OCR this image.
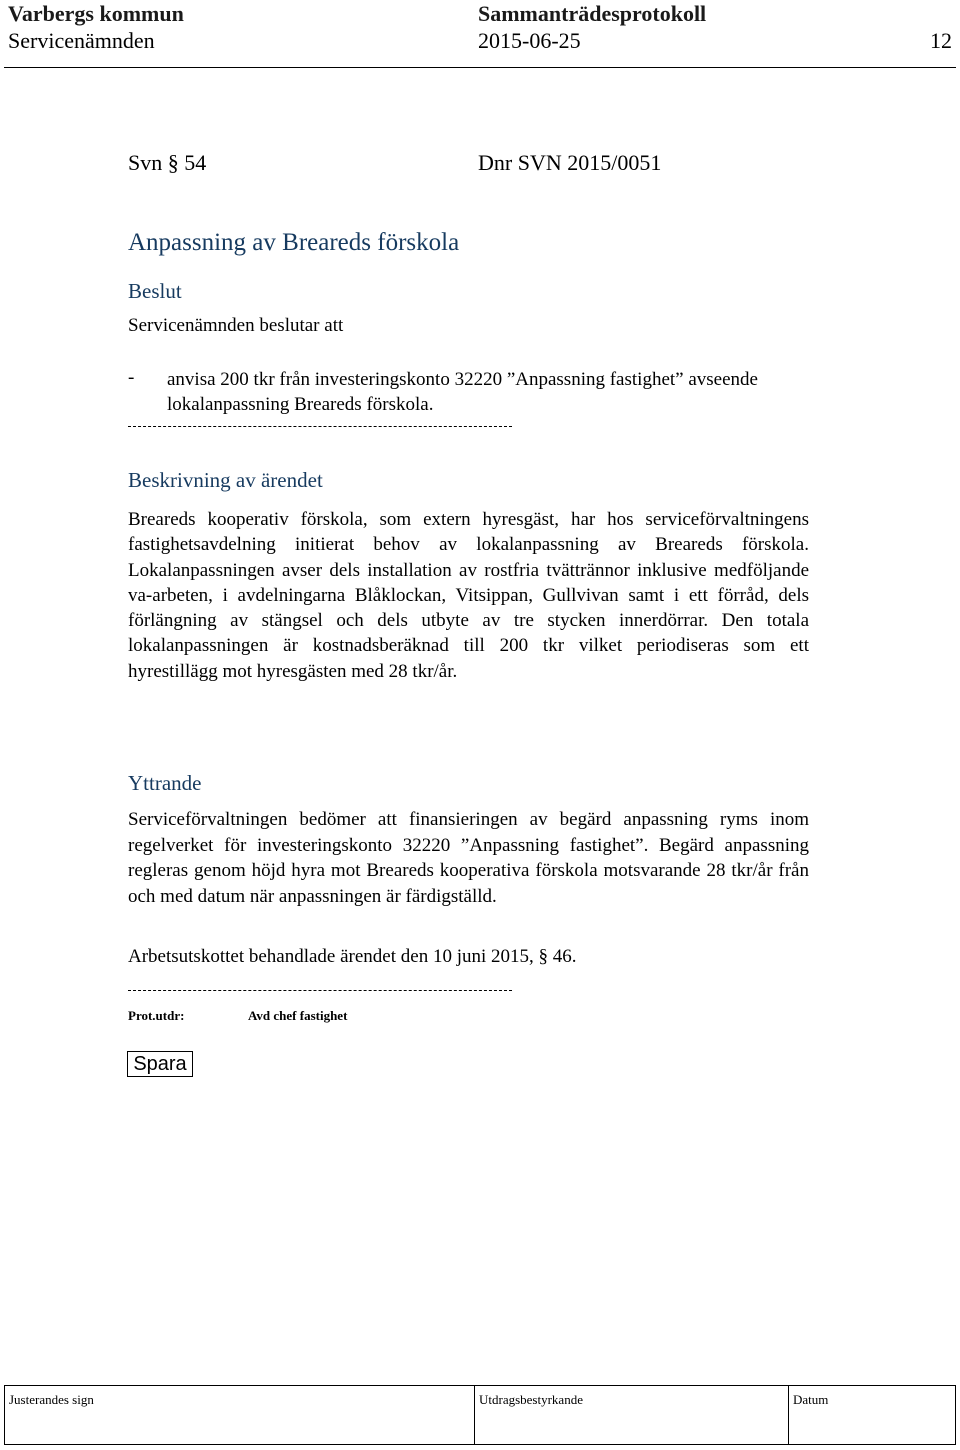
Varbergs kommun	Sammanträdesprotokoll
Servicenämnden	2015-06-25	12
Svn § 54	Dnr SVN 2015/0051
Anpassning av Breareds förskola
Beslut
Servicenämnden beslutar att
- anvisa 200 tkr från investeringskonto 32220 ”Anpassning fastighet” avseende lokalanpassning Breareds förskola.
Beskrivning av ärendet

Breareds kooperativ förskola, som extern hyresgäst, har hos serviceförvaltningens fastighetsavdelning initierat behov av lokalanpassning av Breareds förskola. Lokalanpassningen avser dels installation av rostfria tvättrännor inklusive medföljande va-arbeten, i avdelningarna Blåklockan, Vitsippan, Gullvivan samt i ett förråd, dels förlängning av stängsel och dels utbyte av tre stycken innerdörrar. Den totala lokalanpassningen är kostnadsberäknad till 200 tkr vilket periodiseras som ett hyrestillägg mot hyresgästen med 28 tkr/år.

Yttrande

Serviceförvaltningen bedömer att finansieringen av begärd anpassning ryms inom regelverket för investeringskonto 32220 ”Anpassning fastighet”. Begärd anpassning regleras genom höjd hyra mot Breareds kooperativa förskola motsvarande 28 tkr/år från och med datum när anpassningen är färdigställd.

Arbetsutskottet behandlade ärendet den 10 juni 2015, § 46.
Prot.utdr:	Avd chef fastighet
Spara
Justerandes sign	Utdragsbestyrkande	Datum
